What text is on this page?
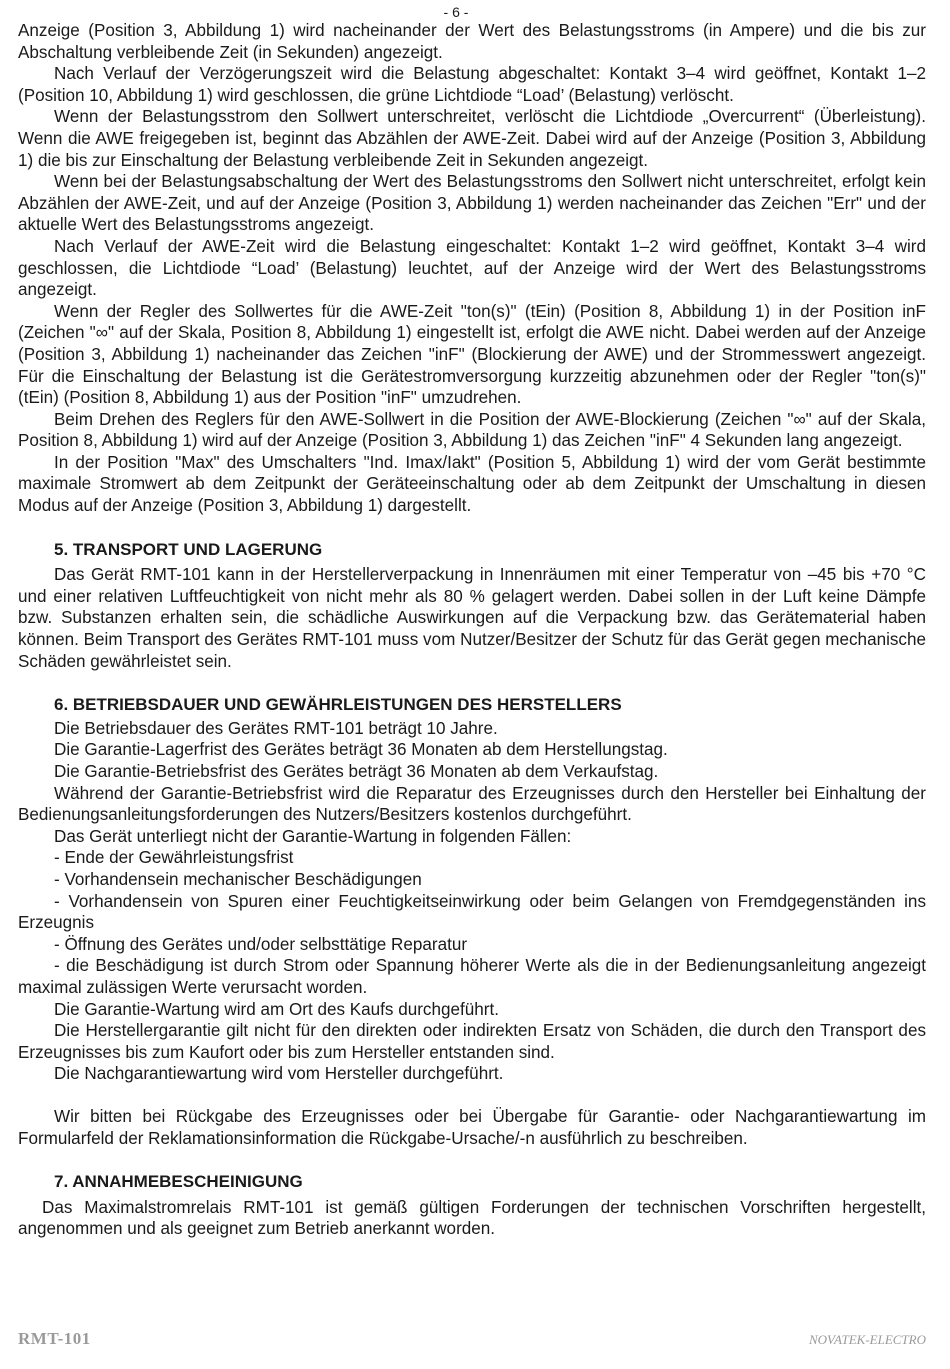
- 6 -

Anzeige (Position 3, Abbildung 1) wird nacheinander der Wert des Belastungsstroms (in Ampere) und die bis zur Abschaltung verbleibende Zeit (in Sekunden) angezeigt.

Nach Verlauf der Verzögerungszeit wird die Belastung abgeschaltet: Kontakt 3–4 wird geöffnet, Kontakt 1–2 (Position 10, Abbildung 1) wird geschlossen, die grüne Lichtdiode “Load’ (Belastung) verlöscht.

Wenn der Belastungsstrom den Sollwert unterschreitet, verlöscht die Lichtdiode „Overcurrent“ (Überleistung). Wenn die AWE freigegeben ist, beginnt das Abzählen der AWE-Zeit. Dabei wird auf der Anzeige (Position 3, Abbildung 1) die bis zur Einschaltung der Belastung verbleibende Zeit in Sekunden angezeigt.

Wenn bei der Belastungsabschaltung der Wert des Belastungsstroms den Sollwert nicht unterschreitet, erfolgt kein Abzählen der AWE-Zeit, und auf der Anzeige (Position 3, Abbildung 1) werden nacheinander das Zeichen "Err" und der aktuelle Wert des Belastungsstroms angezeigt.

Nach Verlauf der AWE-Zeit wird die Belastung eingeschaltet: Kontakt 1–2 wird geöffnet, Kontakt 3–4 wird geschlossen, die Lichtdiode “Load’ (Belastung) leuchtet, auf der Anzeige wird der Wert des Belastungsstroms angezeigt.

Wenn der Regler des Sollwertes für die AWE-Zeit "ton(s)" (tEin) (Position 8, Abbildung 1) in der Position inF (Zeichen "∞" auf der Skala, Position 8, Abbildung 1) eingestellt ist, erfolgt die AWE nicht. Dabei werden auf der Anzeige (Position 3, Abbildung 1) nacheinander das Zeichen "inF" (Blockierung der AWE) und der Strommesswert angezeigt. Für die Einschaltung der Belastung ist die Gerätestromversorgung kurzzeitig abzunehmen oder der Regler "ton(s)" (tEin) (Position 8, Abbildung 1) aus der Position "inF" umzudrehen.

Beim Drehen des Reglers für den AWE-Sollwert in die Position der AWE-Blockierung (Zeichen "∞" auf der Skala, Position 8, Abbildung 1) wird auf der Anzeige (Position 3, Abbildung 1) das Zeichen "inF" 4 Sekunden lang angezeigt.

In der Position "Max" des Umschalters "Ind. Imax/Iakt" (Position 5, Abbildung 1) wird der vom Gerät bestimmte maximale Stromwert ab dem Zeitpunkt der Geräteeinschaltung oder ab dem Zeitpunkt der Umschaltung in diesen Modus auf der Anzeige (Position 3, Abbildung 1) dargestellt.

5. TRANSPORT UND LAGERUNG

Das Gerät RMT-101 kann in der Herstellerverpackung in Innenräumen mit einer Temperatur von –45 bis +70 °C und einer relativen Luftfeuchtigkeit von nicht mehr als 80 % gelagert werden. Dabei sollen in der Luft keine Dämpfe bzw. Substanzen erhalten sein, die schädliche Auswirkungen auf die Verpackung bzw. das Gerätematerial haben können. Beim Transport des Gerätes RMT-101 muss vom Nutzer/Besitzer der Schutz für das Gerät gegen mechanische Schäden gewährleistet sein.

6. BETRIEBSDAUER UND GEWÄHRLEISTUNGEN DES HERSTELLERS

Die Betriebsdauer des Gerätes RMT-101 beträgt 10 Jahre.

Die Garantie-Lagerfrist des Gerätes beträgt 36 Monaten ab dem Herstellungstag.

Die Garantie-Betriebsfrist des Gerätes beträgt 36 Monaten ab dem Verkaufstag.

Während der Garantie-Betriebsfrist wird die Reparatur des Erzeugnisses durch den Hersteller bei Einhaltung der Bedienungsanleitungsforderungen des Nutzers/Besitzers kostenlos durchgeführt.

Das Gerät unterliegt nicht der Garantie-Wartung in folgenden Fällen:

- Ende der Gewährleistungsfrist

- Vorhandensein mechanischer Beschädigungen

- Vorhandensein von Spuren einer Feuchtigkeitseinwirkung oder beim Gelangen von Fremdgegenständen ins Erzeugnis

- Öffnung des Gerätes und/oder selbsttätige Reparatur

- die Beschädigung ist durch Strom oder Spannung höherer Werte als die in der Bedienungsanleitung angezeigt maximal zulässigen Werte verursacht worden.

Die Garantie-Wartung wird am Ort des Kaufs durchgeführt.

Die Herstellergarantie gilt nicht für den direkten oder indirekten Ersatz von Schäden, die durch den Transport des Erzeugnisses bis zum Kaufort oder bis zum Hersteller entstanden sind.

Die Nachgarantiewartung wird vom Hersteller durchgeführt.

Wir bitten bei Rückgabe des Erzeugnisses oder bei Übergabe für Garantie- oder Nachgarantiewartung im Formularfeld der Reklamationsinformation die Rückgabe-Ursache/-n ausführlich zu beschreiben.

7. ANNAHMEBESCHEINIGUNG

Das Maximalstromrelais RMT-101 ist gemäß gültigen Forderungen der technischen Vorschriften hergestellt, angenommen und als geeignet zum Betrieb anerkannt worden.

RMT-101	NOVATEK-ELECTRO
